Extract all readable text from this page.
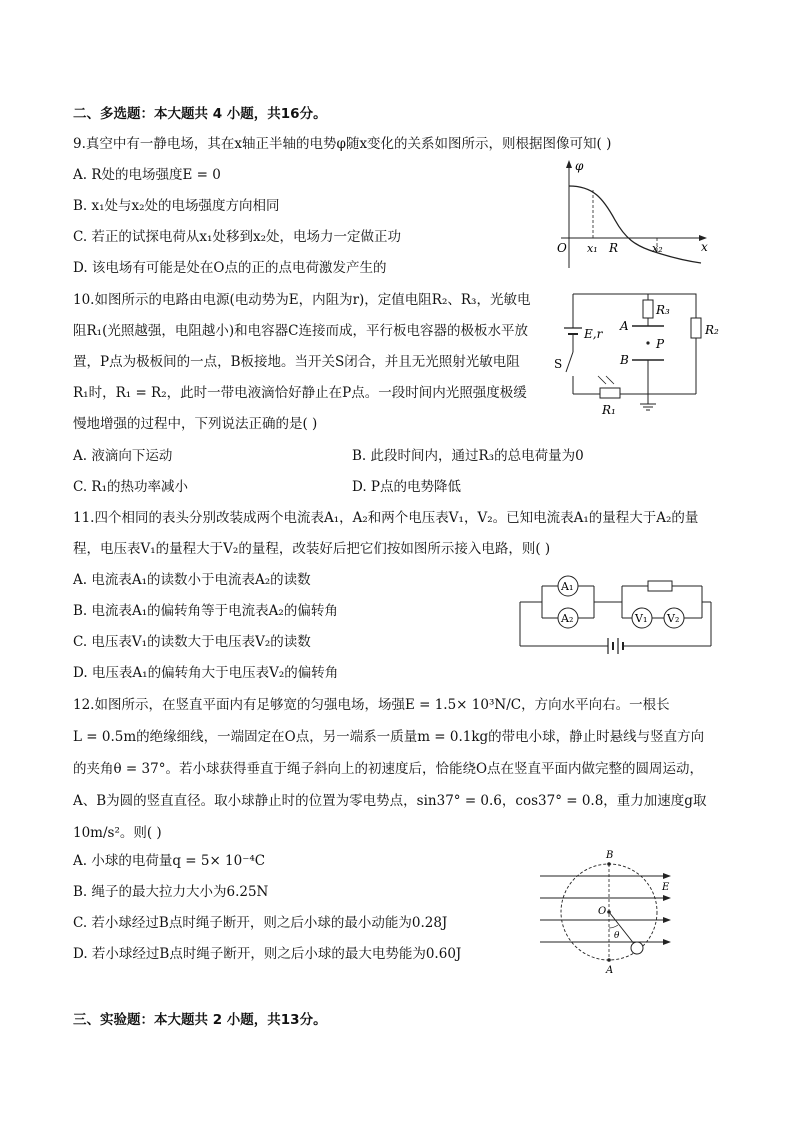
二、多选题：本大题共 4 小题，共16分。
9.真空中有一静电场，其在x轴正半轴的电势φ随x变化的关系如图所示，则根据图像可知( )
A. R处的电场强度E = 0
B. x₁处与x₂处的电场强度方向相同
C. 若正的试探电荷从x₁处移到x₂处，电场力一定做正功
D. 该电场有可能是处在O点的正的点电荷激发产生的
φ
O x₁ R	x₂	x
10.如图所示的电路由电源(电动势为E，内阻为r)，定值电阻R₂、R₃，光敏电
阻R₁(光照越强，电阻越小)和电容器C连接而成，平行板电容器的极板水平放
置，P点为极板间的一点，B板接地。当开关S闭合，并且无光照射光敏电阻
R₁时，R₁ = R₂，此时一带电液滴恰好静止在P点。一段时间内光照强度极缓
慢地增强的过程中，下列说法正确的是( )
A. 液滴向下运动	B. 此段时间内，通过R₃的总电荷量为0
C. R₁的热功率减小	D. P点的电势降低
R₃
R₂
E,r
A
P
B
S
R₁
11.四个相同的表头分别改装成两个电流表A₁，A₂和两个电压表V₁，V₂。已知电流表A₁的量程大于A₂的量
程，电压表V₁的量程大于V₂的量程，改装好后把它们按如图所示接入电路，则( )
A. 电流表A₁的读数小于电流表A₂的读数
B. 电流表A₁的偏转角等于电流表A₂的偏转角
C. 电压表V₁的读数大于电压表V₂的读数
D. 电压表A₁的偏转角大于电压表V₂的偏转角
A₁
A₂	V₁ V₂
12.如图所示，在竖直平面内有足够宽的匀强电场，场强E = 1.5× 10³N/C，方向水平向右。一根长
L = 0.5m的绝缘细线，一端固定在O点，另一端系一质量m = 0.1kg的带电小球，静止时悬线与竖直方向
的夹角θ = 37°。若小球获得垂直于绳子斜向上的初速度后，恰能绕O点在竖直平面内做完整的圆周运动，
A、B为圆的竖直直径。取小球静止时的位置为零电势点，sin37° = 0.6，cos37° = 0.8，重力加速度g取
10m/s²。则( )
A. 小球的电荷量q = 5× 10⁻⁴C
B. 绳子的最大拉力大小为6.25N
C. 若小球经过B点时绳子断开，则之后小球的最小动能为0.28J
D. 若小球经过B点时绳子断开，则之后小球的最大电势能为0.60J
B
E
O
θ
A
三、实验题：本大题共 2 小题，共13分。
